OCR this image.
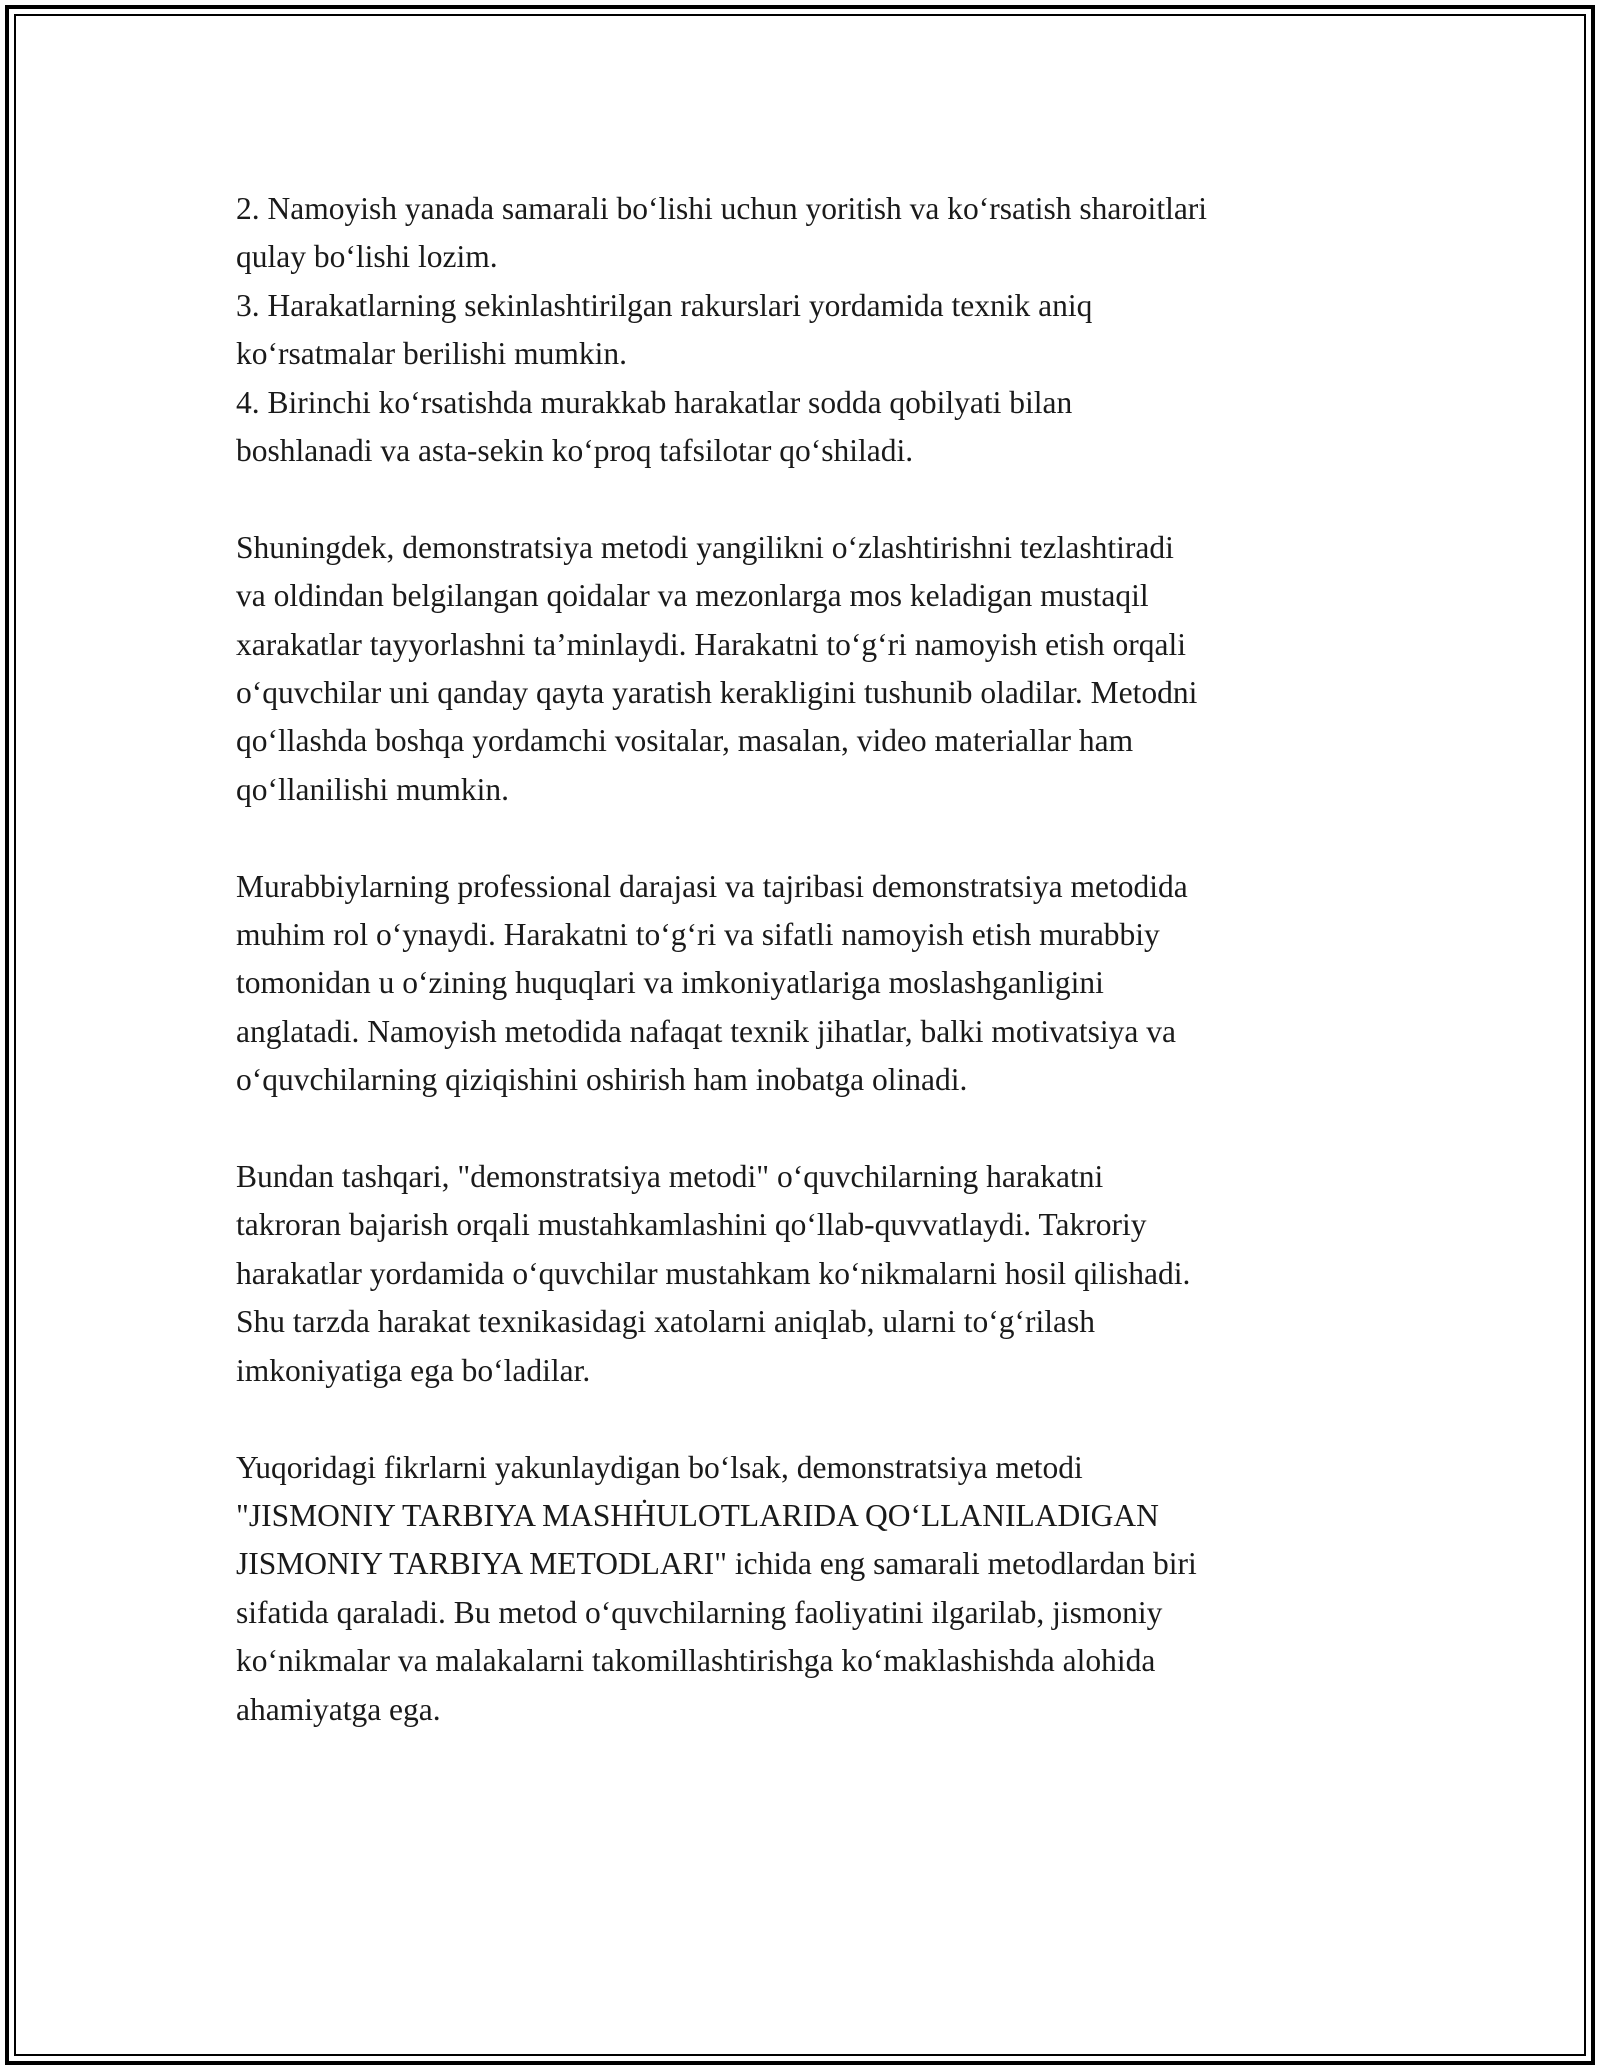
2. Namoyish yanada samarali bo‘lishi uchun yoritish va ko‘rsatish sharoitlari
qulay bo‘lishi lozim.

3. Harakatlarning sekinlashtirilgan rakurslari yordamida texnik aniq
ko‘rsatmalar berilishi mumkin.

4. Birinchi ko‘rsatishda murakkab harakatlar sodda qobilyati bilan
boshlanadi va asta-sekin ko‘proq tafsilotar qo‘shiladi.

Shuningdek, demonstratsiya metodi yangilikni o‘zlashtirishni tezlashtiradi
va oldindan belgilangan qoidalar va mezonlarga mos keladigan mustaqil
xarakatlar tayyorlashni ta’minlaydi. Harakatni to‘g‘ri namoyish etish orqali
o‘quvchilar uni qanday qayta yaratish kerakligini tushunib oladilar. Metodni
qo‘llashda boshqa yordamchi vositalar, masalan, video materiallar ham
qo‘llanilishi mumkin.

Murabbiylarning professional darajasi va tajribasi demonstratsiya metodida
muhim rol o‘ynaydi. Harakatni to‘g‘ri va sifatli namoyish etish murabbiy
tomonidan u o‘zining huquqlari va imkoniyatlariga moslashganligini
anglatadi. Namoyish metodida nafaqat texnik jihatlar, balki motivatsiya va
o‘quvchilarning qiziqishini oshirish ham inobatga olinadi.

Bundan tashqari, "demonstratsiya metodi" o‘quvchilarning harakatni
takroran bajarish orqali mustahkamlashini qo‘llab-quvvatlaydi. Takroriy
harakatlar yordamida o‘quvchilar mustahkam ko‘nikmalarni hosil qilishadi.
Shu tarzda harakat texnikasidagi xatolarni aniqlab, ularni to‘g‘rilash
imkoniyatiga ega bo‘ladilar.

Yuqoridagi fikrlarni yakunlaydigan bo‘lsak, demonstratsiya metodi
"JISMONIY TARBIYA MASHḢULOTLARIDA QO‘LLANILADIGAN
JISMONIY TARBIYA METODLARI" ichida eng samarali metodlardan biri
sifatida qaraladi. Bu metod o‘quvchilarning faoliyatini ilgarilab, jismoniy
ko‘nikmalar va malakalarni takomillashtirishga ko‘maklashishda alohida
ahamiyatga ega.
